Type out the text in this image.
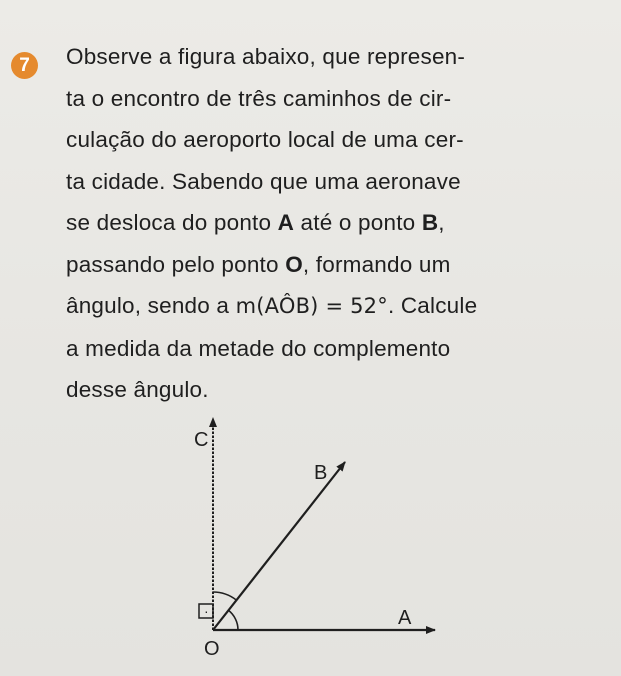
7	Observe a figura abaixo, que represen-
ta o encontro de três caminhos de cir-
culação do aeroporto local de uma cer-
ta cidade. Sabendo que uma aeronave
se desloca do ponto A até o ponto B,
passando pelo ponto O, formando um
ângulo, sendo a m(AÔB) = 52°. Calcule
a medida da metade do complemento
desse ângulo.
·
C
B
A
O
